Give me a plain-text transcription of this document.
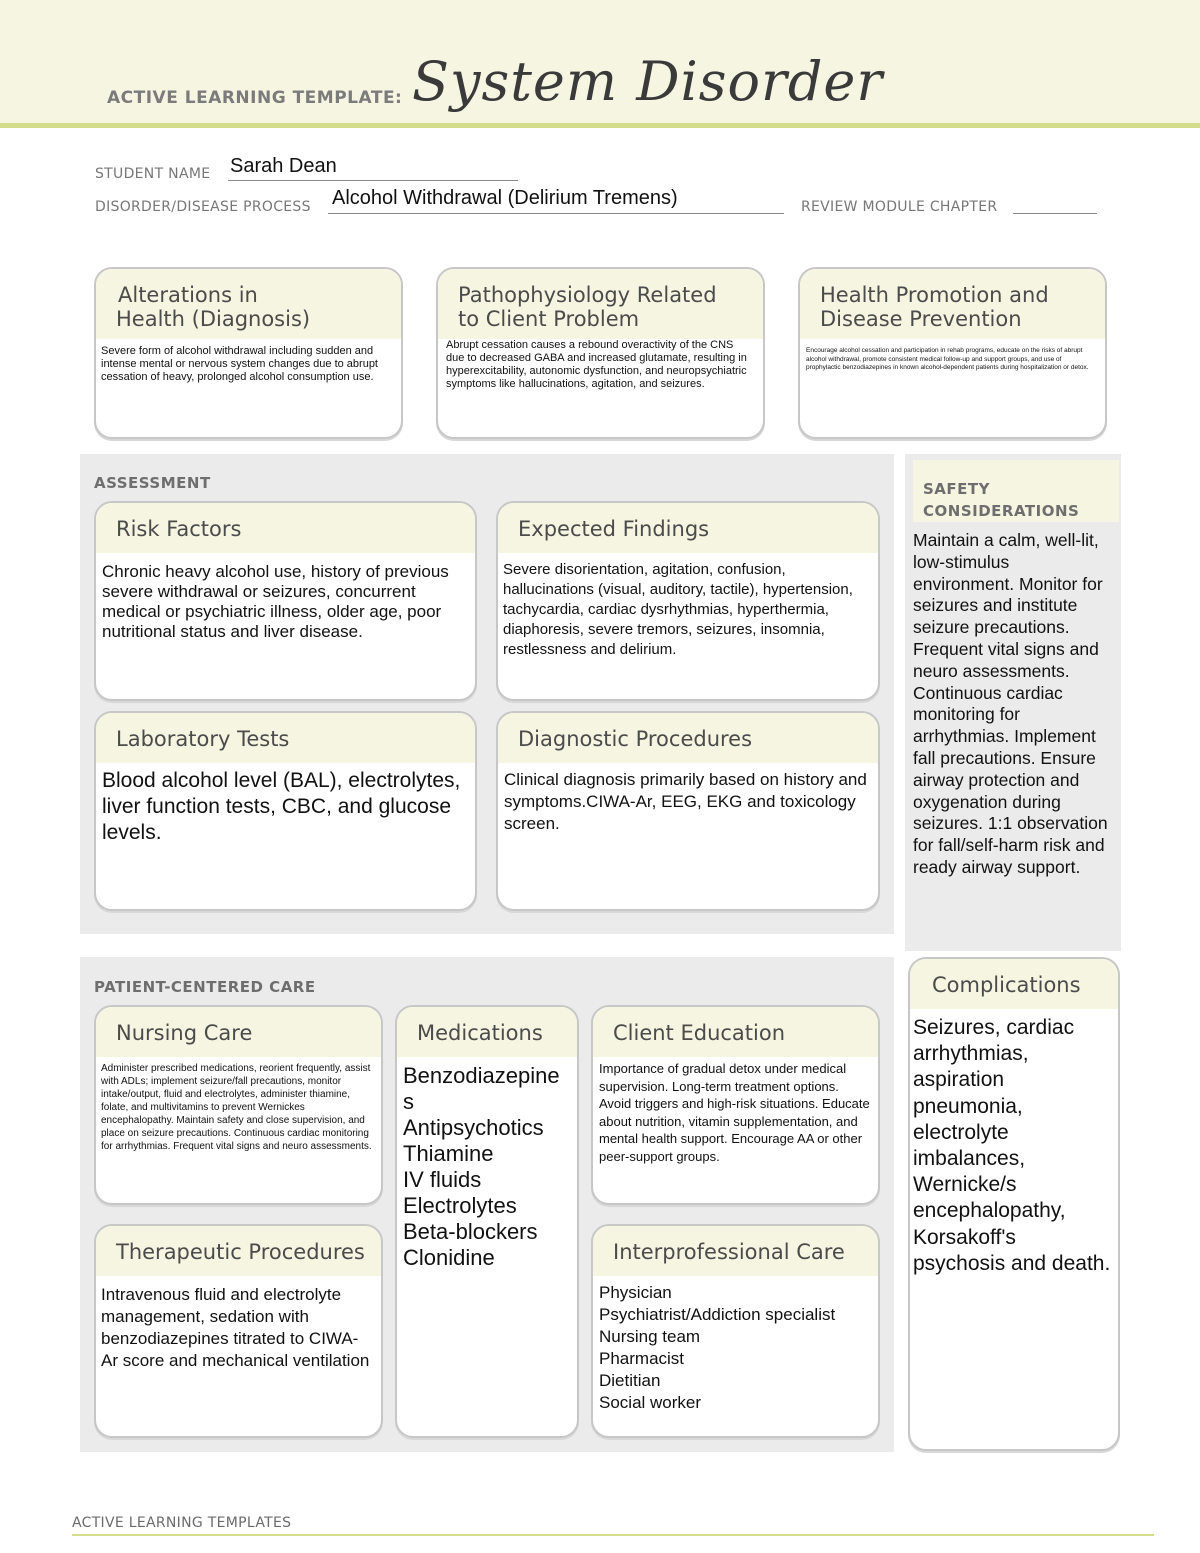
ACTIVE LEARNING TEMPLATE: System Disorder
STUDENT NAME Sarah Dean
DISORDER/DISEASE PROCESS Alcohol Withdrawal (Delirium Tremens)	REVIEW MODULE CHAPTER
Alterations in
Health (Diagnosis)
Severe form of alcohol withdrawal including sudden and intense mental or nervous system changes due to abrupt cessation of heavy, prolonged alcohol consumption use.
Pathophysiology Related
to Client Problem
Abrupt cessation causes a rebound overactivity of the CNS due to decreased GABA and increased glutamate, resulting in hyperexcitability, autonomic dysfunction, and neuropsychiatric symptoms like hallucinations, agitation, and seizures.
Health Promotion and
Disease Prevention
Encourage alcohol cessation and participation in rehab programs, educate on the risks of abrupt alcohol withdrawal, promote consistent medical follow-up and support groups, and use of prophylactic benzodiazepines in known alcohol-dependent patients during hospitalization or detox.
ASSESSMENT
Risk Factors
Chronic heavy alcohol use, history of previous severe withdrawal or seizures, concurrent medical or psychiatric illness, older age, poor nutritional status and liver disease.
Expected Findings
Severe disorientation, agitation, confusion, hallucinations (visual, auditory, tactile), hypertension, tachycardia, cardiac dysrhythmias, hyperthermia, diaphoresis, severe tremors, seizures, insomnia, restlessness and delirium.
Laboratory Tests
Blood alcohol level (BAL), electrolytes, liver function tests, CBC, and glucose levels.
Diagnostic Procedures
Clinical diagnosis primarily based on history and symptoms.CIWA-Ar, EEG, EKG and toxicology screen.
SAFETY
CONSIDERATIONS
Maintain a calm, well-lit, low-stimulus environment. Monitor for seizures and institute seizure precautions. Frequent vital signs and neuro assessments. Continuous cardiac monitoring for arrhythmias. Implement fall precautions. Ensure airway protection and oxygenation during seizures. 1:1 observation for fall/self-harm risk and ready airway support.
PATIENT-CENTERED CARE
Nursing Care
Administer prescribed medications, reorient frequently, assist with ADLs; implement seizure/fall precautions, monitor intake/output, fluid and electrolytes, administer thiamine, folate, and multivitamins to prevent Wernickes encephalopathy. Maintain safety and close supervision, and place on seizure precautions. Continuous cardiac monitoring for arrhythmias. Frequent vital signs and neuro assessments.
Medications
Benzodiazepine
s
Antipsychotics
Thiamine
IV fluids
Electrolytes
Beta-blockers
Clonidine
Client Education
Importance of gradual detox under medical supervision. Long-term treatment options. Avoid triggers and high-risk situations. Educate about nutrition, vitamin supplementation, and mental health support. Encourage AA or other peer-support groups.
Therapeutic Procedures
Intravenous fluid and electrolyte management, sedation with benzodiazepines titrated to CIWA-Ar score and mechanical ventilation
Interprofessional Care
Physician
Psychiatrist/Addiction specialist
Nursing team
Pharmacist
Dietitian
Social worker
Complications
Seizures, cardiac arrhythmias, aspiration pneumonia, electrolyte imbalances, Wernicke/s encephalopathy, Korsakoff's psychosis and death.
ACTIVE LEARNING TEMPLATES
